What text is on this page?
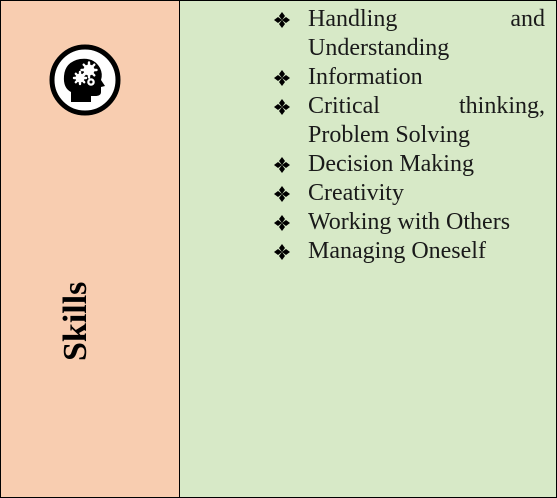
Skills
Handling and Understanding
Information
Critical thinking, Problem Solving
Decision Making
Creativity
Working with Others
Managing Oneself
